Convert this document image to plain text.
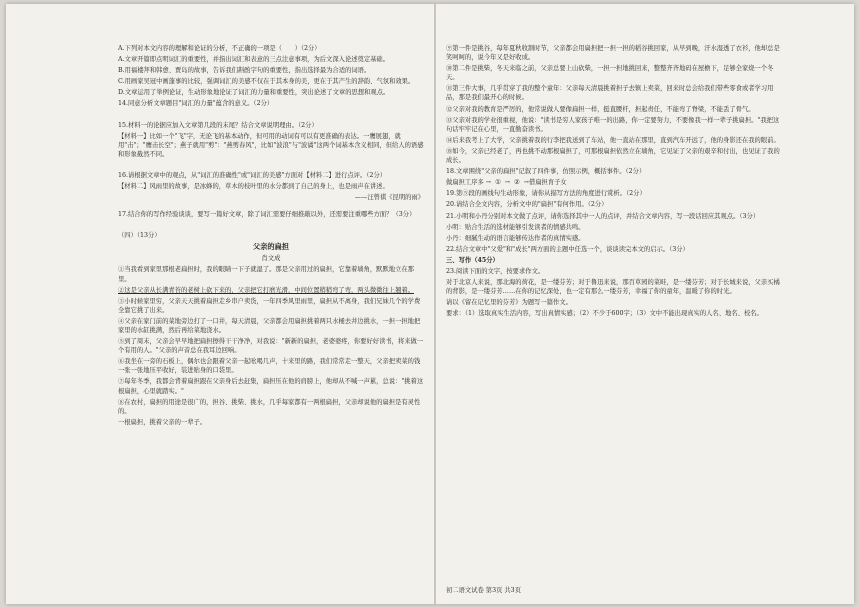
A.下列对本文内容的理解和论证的分析，不正确的一项是（　　）（2分）

A.文章开篇即点明词汇的重要性，并指出词汇和表意的三点注意事项，为后文深入论述奠定基础。

B.用福楼拜和韩愈、贾岛的故事，告诉我们斟酌字句的重要性，指出选择最为合适的词语。

C.用画家吴冠中画蓬事的比较，强调词汇的美感不仅在于其本身的美，更在于其产生的辞韵、气氛和效果。

D.文章运用了举例论证，生动形象地论证了词汇的力量和重要性，突出论述了文章的思想和观点。

14.同意分析文章题目"词汇的力量"蕴含的意义。（2分）

15.材料一的论据应加入文章第几段的末尾？结合文章说明理由。（2分）

【材料一】比如一个"飞"字，无论飞的基本动作，但可用的动词有可以有更准确的表达。一鹰展翅，就用"击"；"鹰击长空"；燕子就用"剪"："燕剪春风"，比如"波浪"与"波谲"这两个词基本含义相同，但给人的语感和形象截然不同。

16.请根据文章中的观点，从"词汇的准确性"或"词汇的美感"方面对【材料二】进行点评。（2分）

【材料二】风雨里的故事，是冰蜂的，草木的枝叶里的水分都到了自己的身上，也是雨声在讲述。

——汪曾祺《昆明的雨》

17.结合你的写作经验谈谈，要写一篇好文章，除了词汇需要仔细推敲以外，还需要注重哪些方面？（3分）

（四）（13分）

父亲的扁担

肖文成

①当我看到家里那根老扁担时，我的眼睛一下子就湿了。那是父亲用过的扁担，它靠着墙角，默默地立在那里。

②这是父亲从长满青苔的老树上砍下来的，父亲把它打磨光滑，中间位置稍稍弯了弯，两头微微往上翘着。

③小时候家里穷，父亲天天挑着扁担走乡串户卖货，一年四季风里雨里，扁担从不离身，我们兄妹几个的学费全靠它挑了出来。

④父亲在家门前的菜地旁边打了一口井，每天清晨，父亲都会用扁担挑着两只水桶去井边挑水，一担一担地把家里的水缸挑满，然后再给菜地浇水。

⑤到了周末，父亲会早早地把扁担擦得干干净净，对我说："新新的扁担，老婆婆疼，你要好好读书，将来做一个有用的人。"父亲的声音总在我耳边回响。

⑥我坐在一旁的石板上，偶尔也会跟着父亲一起吆喝几声，十来里的路，我们常常走一整天，父亲把卖菜的钱一张一张地压平收好，装进贴身的口袋里。

⑦每年冬季，我都会背着扁担跟在父亲身后去赶集，扁担压在他的肩膀上，他却从不喊一声累，总说："挑着这根扁担，心里就踏实。"

⑧在农村，扁担的用途是很广的，担谷、挑柴、挑水，几乎每家都有一两根扁担，父亲却说他的扁担是有灵性的。

一根扁担，挑着父亲的一辈子。

⑨第一件是挑谷，每年夏秋收割时节，父亲都会用扁担把一担一担的稻谷挑回家，从早到晚，汗水湿透了衣衫，他却总是笑呵呵的，说今年又是好收成。

⑩第二件是挑柴，冬天来临之前，父亲总要上山砍柴，一担一担地挑回来，整整齐齐地码在屋檐下，足够全家烧一个冬天。

⑪第三件大事，几乎贯穿了我的整个童年：父亲每天清晨挑着担子去镇上卖菜，回来时总会给我们带些零食或者学习用品，那是我们最开心的时候。

⑫父亲对我的教育是严厉的，他常说做人要像扁担一样，挺直腰杆，担起责任，不能弯了脊梁，不能丢了骨气。

⑬父亲对我的学业很重视，他说："读书是穷人家孩子唯一的出路，你一定要努力，不要像我一样一辈子挑扁担。"我把这句话牢牢记在心里，一直勤奋读书。

⑭后来我考上了大学，父亲挑着我的行李把我送到了车站，他一直站在那里，直到汽车开远了，他的身影还在我的眼前。

⑮如今，父亲已经老了，再也挑不动那根扁担了，可那根扁担依然立在墙角，它见证了父亲的艰辛和付出，也见证了我的成长。

18.文章围绕"父亲的扁担"记叙了四件事，仿照示例，概括事件。（2分）

做扁担工序多 → ① → ② →借扁担育子女

19.第⑤段的画线句生动形象，请你从描写方法的角度进行赏析。（2分）

20.请结合全文内容，分析文中的"扁担"有何作用。（2分）

21.小明和小丹分别对本文做了点评，请你选择其中一人的点评，并结合文章内容，写一段话回应其观点。（3分）

小明：贴合生活的选材能够引发读者的情感共鸣。

小丹：细腻生动的语言能够传达作者的真情实感。

22.结合文章中"父爱"和"成长"两方面的主题中任选一个，谈谈读完本文的启示。（3分）

三、写作（45分）

23.阅读下面的文字，按要求作文。

对于北京人来说，那北海的荷花，是一缕芬芳；对于鲁迅来说，那百草园的菜畦，是一缕芬芳；对于长城来说，父亲买橘的背影，是一缕芬芳……在你的记忆深处，也一定有那么一缕芬芳，幸福了你的童年，温暖了你的时光。

请以《留在记忆里的芬芳》为题写一篇作文。

要求：（1）选取真实生活内容，写出真情实感；（2）不少于600字；（3）文中不能出现真实的人名、地名、校名。

初二语文试卷 第3页 共3页
